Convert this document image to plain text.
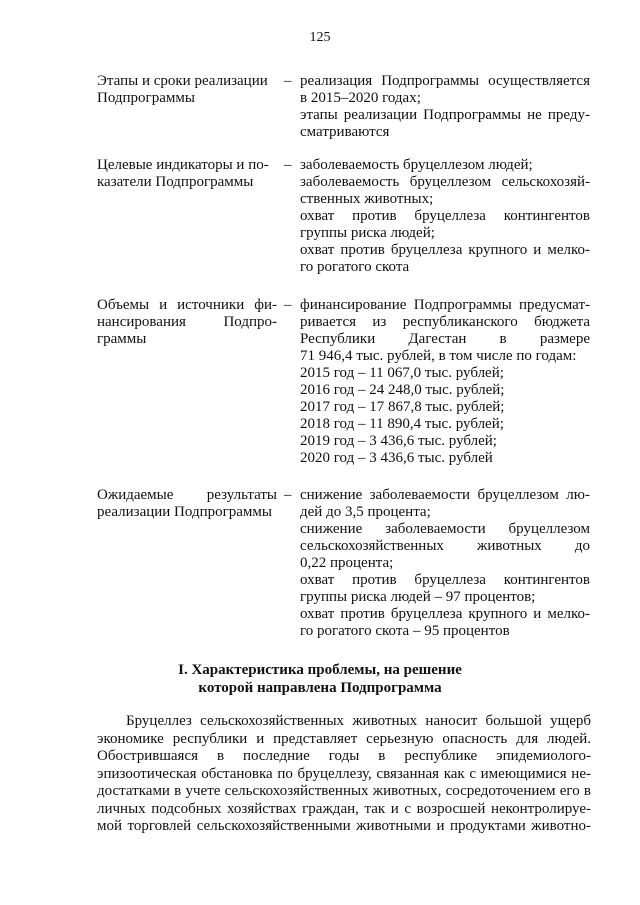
125
Этапы и сроки реализации
Подпрограммы
– реализация Подпрограммы осуществляется
в 2015–2020 годах;
этапы реализации Подпрограммы не преду-
сматриваются
Целевые индикаторы и по-
казатели Подпрограммы
– заболеваемость бруцеллезом людей;
заболеваемость бруцеллезом сельскохозяй-
ственных животных;
охват против бруцеллеза контингентов
группы риска людей;
охват против бруцеллеза крупного и мелко-
го рогатого скота
Объемы и источники фи-
нансирования Подпро-
граммы
– финансирование Подпрограммы предусмат-
ривается из республиканского бюджета
Республики Дагестан в размере
71 946,4 тыс. рублей, в том числе по годам:
2015 год – 11 067,0 тыс. рублей;
2016 год – 24 248,0 тыс. рублей;
2017 год – 17 867,8 тыс. рублей;
2018 год – 11 890,4 тыс. рублей;
2019 год – 3 436,6 тыс. рублей;
2020 год – 3 436,6 тыс. рублей
Ожидаемые результаты
реализации Подпрограммы
– снижение заболеваемости бруцеллезом лю-
дей до 3,5 процента;
снижение заболеваемости бруцеллезом
сельскохозяйственных животных до
0,22 процента;
охват против бруцеллеза контингентов
группы риска людей – 97 процентов;
охват против бруцеллеза крупного и мелко-
го рогатого скота – 95 процентов
I. Характеристика проблемы, на решение
которой направлена Подпрограмма
Бруцеллез сельскохозяйственных животных наносит большой ущерб
экономике республики и представляет серьезную опасность для людей.
Обострившаяся в последние годы в республике эпидемиолого-
эпизоотическая обстановка по бруцеллезу, связанная как с имеющимися не-
достатками в учете сельскохозяйственных животных, сосредоточением его в
личных подсобных хозяйствах граждан, так и с возросшей неконтролируе-
мой торговлей сельскохозяйственными животными и продуктами животно-
